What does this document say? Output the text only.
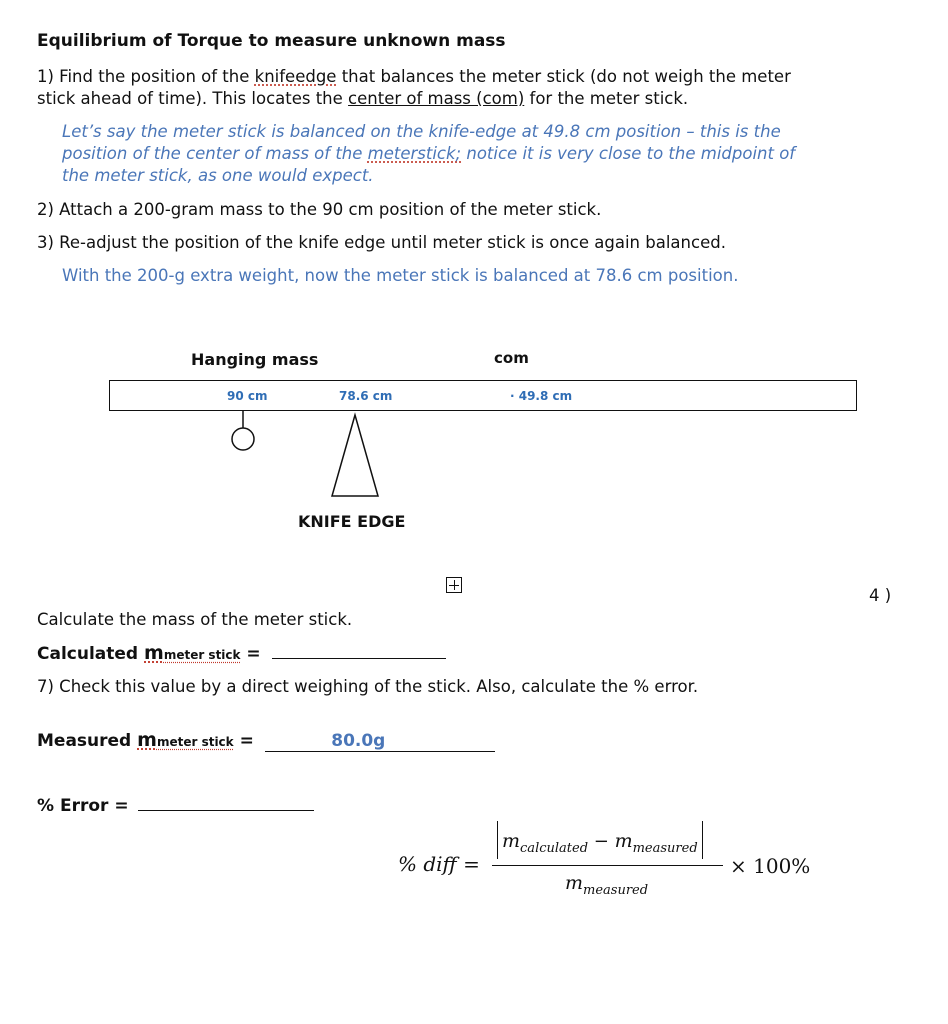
Equilibrium of Torque to measure unknown mass
1) Find the position of the knifeedge that balances the meter stick (do not weigh the meter
stick ahead of time). This locates the center of mass (com) for the meter stick.
Let’s say the meter stick is balanced on the knife-edge at 49.8 cm position – this is the
position of the center of mass of the meterstick; notice it is very close to the midpoint of
the meter stick, as one would expect.
2) Attach a 200-gram mass to the 90 cm position of the meter stick.
3) Re-adjust the position of the knife edge until meter stick is once again balanced.
With the 200-g extra weight, now the meter stick is balanced at 78.6 cm position.
Hanging mass	com
90 cm	78.6 cm	· 49.8 cm
KNIFE EDGE
4 )
Calculate the mass of the meter stick.
Calculated mmeter stick =
7) Check this value by a direct weighing of the stick. Also, calculate the % error.
Measured mmeter stick =	80.0g
% Error =
% diff =
$m_{calculated} - m_{measured}$
$m_{measured}$
× 100%
